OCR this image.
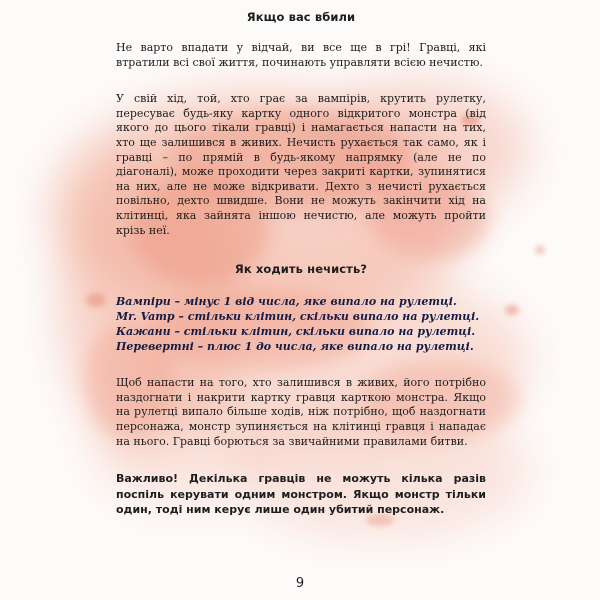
Якщо вас вбили

Не варто впадати у відчай, ви все ще в грі! Гравці, які втратили всі свої життя, починають управляти всією нечистю.

У свій хід, той, хто грає за вампірів, крутить рулетку, пересуває будь-яку картку одного відкритого монстра (від якого до цього тікали гравці) і намагається напасти на тих, хто ще залишився в живих. Нечисть рухається так само, як і гравці – по прямій в будь-якому напрямку (але не по діагоналі), може проходити через закриті картки, зупинятися на них, але не може відкривати. Дехто з нечисті рухається повільно, дехто швидше. Вони не можуть закінчити хід на клітинці, яка зайнята іншою нечистю, але можуть пройти крізь неї.

Як ходить нечисть?
Вампіри – мінус 1 від числа, яке випало на рулетці.
Mr. Vamp – стільки клітин, скільки випало на рулетці.
Кажани – стільки клітин, скільки випало на рулетці.
Перевертні – плюс 1 до числа, яке випало на рулетці.

Щоб напасти на того, хто залишився в живих, його потрібно наздогнати і накрити картку гравця карткою монстра. Якщо на рулетці випало більше ходів, ніж потрібно, щоб наздогнати персонажа, монстр зупиняється на клітинці гравця і нападає на нього. Гравці борються за звичайними правилами битви.

Важливо! Декілька гравців не можуть кілька разів поспіль керувати одним монстром. Якщо монстр тільки один, тоді ним керує лише один убитий персонаж.

9
